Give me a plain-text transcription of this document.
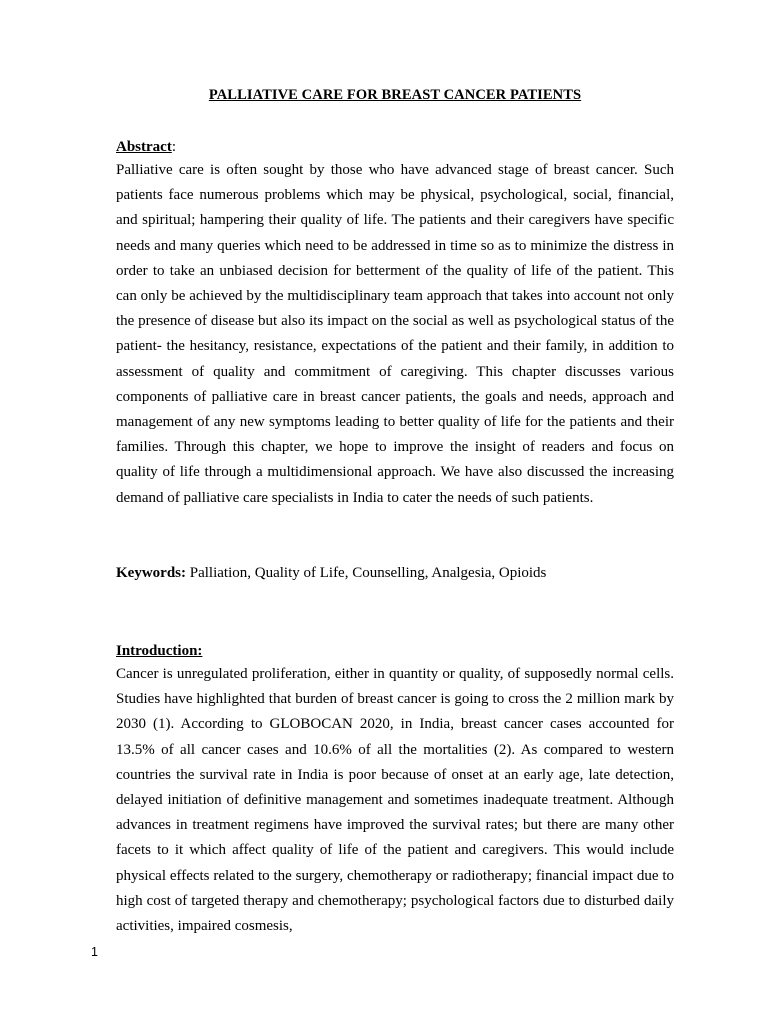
PALLIATIVE CARE FOR BREAST CANCER PATIENTS
Abstract:

Palliative care is often sought by those who have advanced stage of breast cancer. Such patients face numerous problems which may be physical, psychological, social, financial, and spiritual; hampering their quality of life. The patients and their caregivers have specific needs and many queries which need to be addressed in time so as to minimize the distress in order to take an unbiased decision for betterment of the quality of life of the patient. This can only be achieved by the multidisciplinary team approach that takes into account not only the presence of disease but also its impact on the social as well as psychological status of the patient- the hesitancy, resistance, expectations of the patient and their family, in addition to assessment of quality and commitment of caregiving. This chapter discusses various components of palliative care in breast cancer patients, the goals and needs, approach and management of any new symptoms leading to better quality of life for the patients and their families. Through this chapter, we hope to improve the insight of readers and focus on quality of life through a multidimensional approach. We have also discussed the increasing demand of palliative care specialists in India to cater the needs of such patients.

Keywords: Palliation, Quality of Life, Counselling, Analgesia, Opioids
Introduction:

Cancer is unregulated proliferation, either in quantity or quality, of supposedly normal cells. Studies have highlighted that burden of breast cancer is going to cross the 2 million mark by 2030 (1). According to GLOBOCAN 2020, in India, breast cancer cases accounted for 13.5% of all cancer cases and 10.6% of all the mortalities (2). As compared to western countries the survival rate in India is poor because of onset at an early age, late detection, delayed initiation of definitive management and sometimes inadequate treatment. Although advances in treatment regimens have improved the survival rates; but there are many other facets to it which affect quality of life of the patient and caregivers. This would include physical effects related to the surgery, chemotherapy or radiotherapy; financial impact due to high cost of targeted therapy and chemotherapy; psychological factors due to disturbed daily activities, impaired cosmesis,

1
